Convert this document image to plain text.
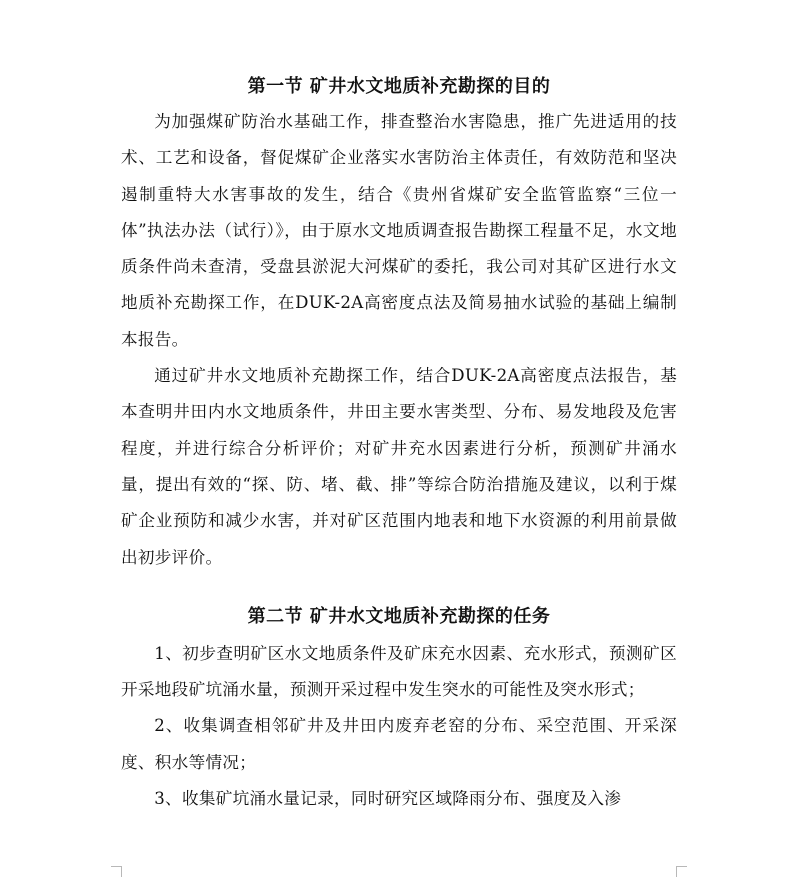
第一节 矿井水文地质补充勘探的目的

为加强煤矿防治水基础工作，排查整治水害隐患，推广先进适用的技术、工艺和设备，督促煤矿企业落实水害防治主体责任，有效防范和坚决遏制重特大水害事故的发生，结合《贵州省煤矿安全监管监察“三位一体”执法办法（试行）》，由于原水文地质调查报告勘探工程量不足，水文地质条件尚未查清，受盘县淤泥大河煤矿的委托，我公司对其矿区进行水文地质补充勘探工作，在DUK-2A高密度点法及简易抽水试验的基础上编制本报告。

通过矿井水文地质补充勘探工作，结合DUK-2A高密度点法报告，基本查明井田内水文地质条件，井田主要水害类型、分布、易发地段及危害程度，并进行综合分析评价；对矿井充水因素进行分析，预测矿井涌水量，提出有效的“探、防、堵、截、排”等综合防治措施及建议，以利于煤矿企业预防和减少水害，并对矿区范围内地表和地下水资源的利用前景做出初步评价。

第二节 矿井水文地质补充勘探的任务

1、初步查明矿区水文地质条件及矿床充水因素、充水形式，预测矿区开采地段矿坑涌水量，预测开采过程中发生突水的可能性及突水形式；

2、收集调查相邻矿井及井田内废弃老窑的分布、采空范围、开采深度、积水等情况；

3、收集矿坑涌水量记录，同时研究区域降雨分布、强度及入渗
